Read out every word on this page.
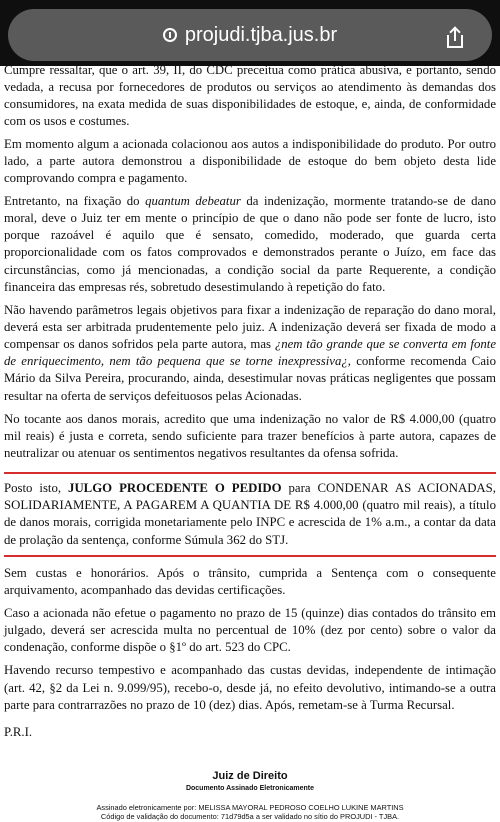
projudi.tjba.jus.br

Cumpre ressaltar, que o art. 39, II, do CDC preceitua como prática abusiva, e portanto, sendo vedada, a recusa por fornecedores de produtos ou serviços ao atendimento às demandas dos consumidores, na exata medida de suas disponibilidades de estoque, e, ainda, de conformidade com os usos e costumes.

Em momento algum a acionada colacionou aos autos a indisponibilidade do produto. Por outro lado, a parte autora demonstrou a disponibilidade de estoque do bem objeto desta lide comprovando compra e pagamento.

Entretanto, na fixação do quantum debeatur da indenização, mormente tratando-se de dano moral, deve o Juiz ter em mente o princípio de que o dano não pode ser fonte de lucro, isto porque razoável é aquilo que é sensato, comedido, moderado, que guarda certa proporcionalidade com os fatos comprovados e demonstrados perante o Juízo, em face das circunstâncias, como já mencionadas, a condição social da parte Requerente, a condição financeira das empresas rés, sobretudo desestimulando à repetição do fato.

Não havendo parâmetros legais objetivos para fixar a indenização de reparação do dano moral, deverá esta ser arbitrada prudentemente pelo juiz. A indenização deverá ser fixada de modo a compensar os danos sofridos pela parte autora, mas ¿nem tão grande que se converta em fonte de enriquecimento, nem tão pequena que se torne inexpressiva¿, conforme recomenda Caio Mário da Silva Pereira, procurando, ainda, desestimular novas práticas negligentes que possam resultar na oferta de serviços defeituosos pelas Acionadas.

No tocante aos danos morais, acredito que uma indenização no valor de R$ 4.000,00 (quatro mil reais) é justa e correta, sendo suficiente para trazer benefícios à parte autora, capazes de neutralizar ou atenuar os sentimentos negativos resultantes da ofensa sofrida.

Posto isto, JULGO PROCEDENTE O PEDIDO para CONDENAR AS ACIONADAS, SOLIDARIAMENTE, A PAGAREM A QUANTIA DE R$ 4.000,00 (quatro mil reais), a título de danos morais, corrigida monetariamente pelo INPC e acrescida de 1% a.m., a contar da data de prolação da sentença, conforme Súmula 362 do STJ.

Sem custas e honorários. Após o trânsito, cumprida a Sentença com o consequente arquivamento, acompanhado das devidas certificações.

Caso a acionada não efetue o pagamento no prazo de 15 (quinze) dias contados do trânsito em julgado, deverá ser acrescida multa no percentual de 10% (dez por cento) sobre o valor da condenação, conforme dispõe o §1º do art. 523 do CPC.

Havendo recurso tempestivo e acompanhado das custas devidas, independente de intimação (art. 42, §2 da Lei n. 9.099/95), recebo-o, desde já, no efeito devolutivo, intimando-se a outra parte para contrarrazões no prazo de 10 (dez) dias. Após, remetam-se à Turma Recursal.

P.R.I.

Juiz de Direito
Documento Assinado Eletronicamente
Assinado eletronicamente por: MELISSA MAYORAL PEDROSO COELHO LUKINE MARTINS
Código de validação do documento: 71d79d5a a ser validado no sítio do PROJUDI - TJBA.
